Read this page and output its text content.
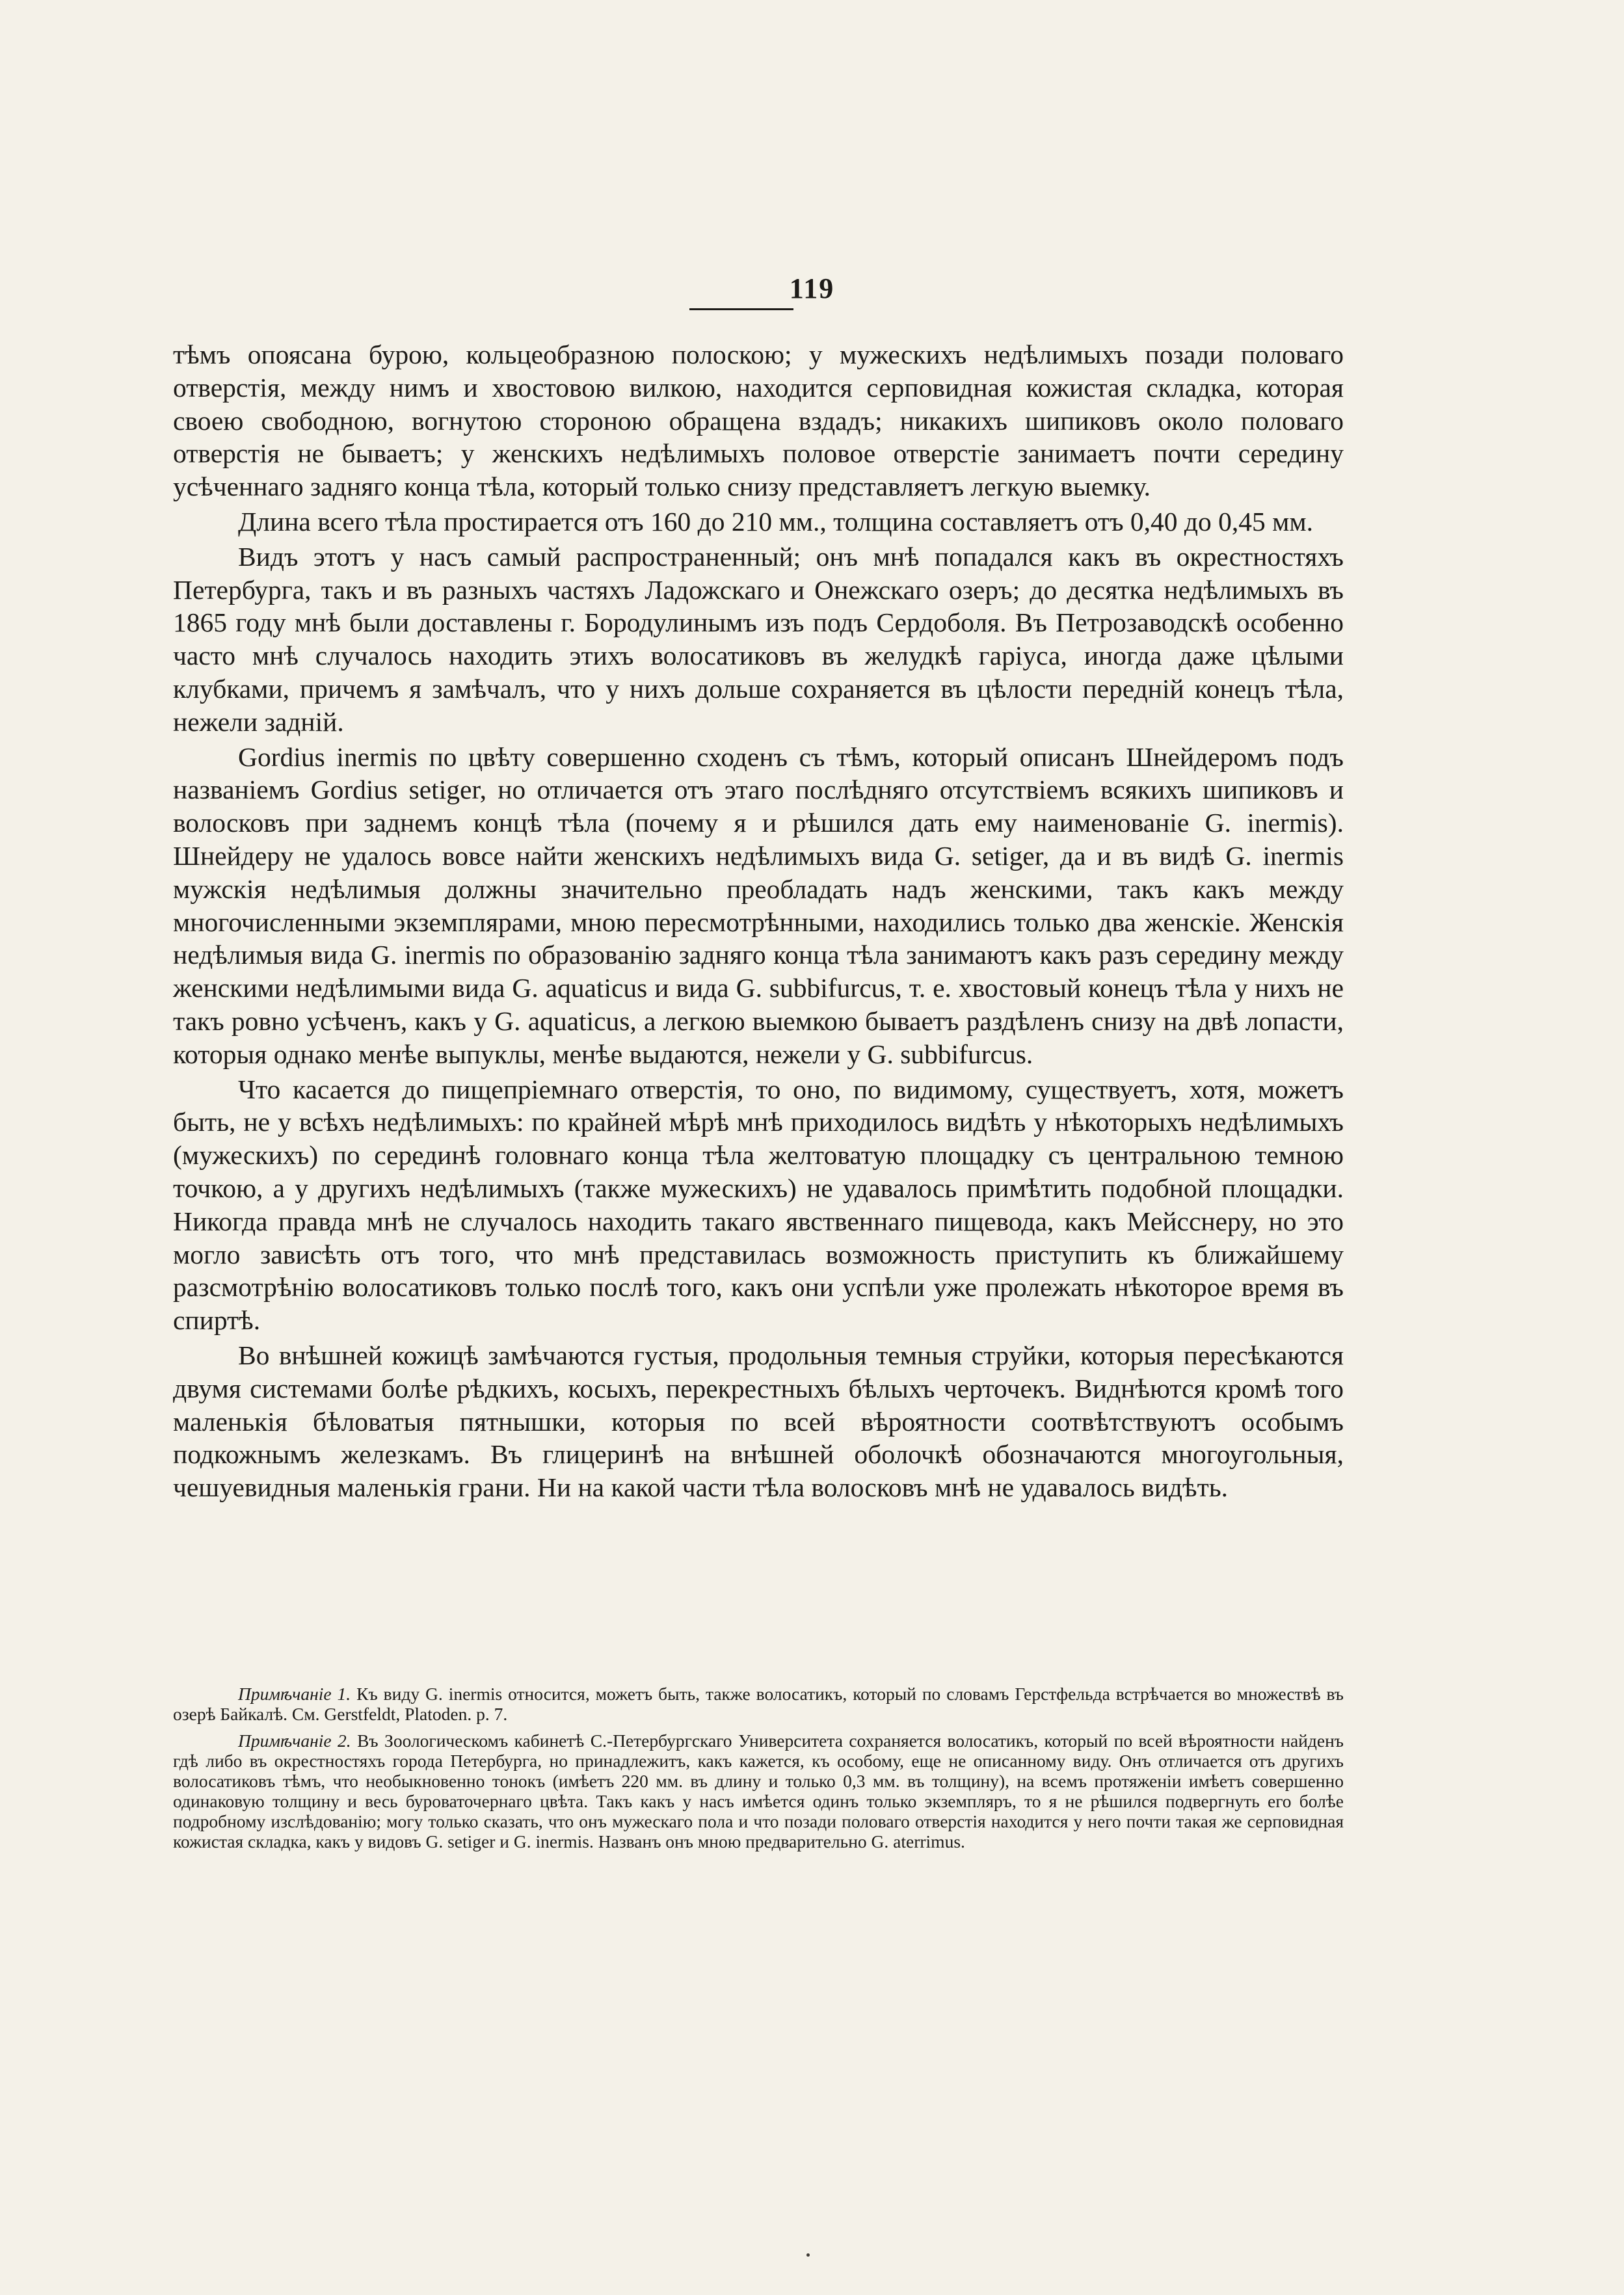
119

тѣмъ опоясана бурою, кольцеобразною полоскою; у мужескихъ недѣлимыхъ позади половаго отверстія, между нимъ и хвостовою вилкою, находится серповидная кожистая складка, которая своею свободною, вогнутою стороною обращена вздадъ; никакихъ шипиковъ около половаго отверстія не бываетъ; у женскихъ недѣлимыхъ половое отверстіе занимаетъ почти середину усѣченнаго задняго конца тѣла, который только снизу представляетъ легкую выемку.

Длина всего тѣла простирается отъ 160 до 210 мм., толщина составляетъ отъ 0,40 до 0,45 мм.

Видъ этотъ у насъ самый распространенный; онъ мнѣ попадался какъ въ окрестностяхъ Петербурга, такъ и въ разныхъ частяхъ Ладожскаго и Онежскаго озеръ; до десятка недѣлимыхъ въ 1865 году мнѣ были доставлены г. Бородулинымъ изъ подъ Сердоболя. Въ Петрозаводскѣ особенно часто мнѣ случалось находить этихъ волосатиковъ въ желудкѣ гаріуса, иногда даже цѣлыми клубками, причемъ я замѣчалъ, что у нихъ дольше сохраняется въ цѣлости передній конецъ тѣла, нежели задній.

Gordius inermis по цвѣту совершенно сходенъ съ тѣмъ, который описанъ Шнейдеромъ подъ названіемъ Gordius setiger, но отличается отъ этаго послѣдняго отсутствіемъ всякихъ шипиковъ и волосковъ при заднемъ концѣ тѣла (почему я и рѣшился дать ему наименованіе G. inermis). Шнейдеру не удалось вовсе найти женскихъ недѣлимыхъ вида G. setiger, да и въ видѣ G. inermis мужскія недѣлимыя должны значительно преобладать надъ женскими, такъ какъ между многочисленными экземплярами, мною пересмотрѣнными, находились только два женскіе. Женскія недѣлимыя вида G. inermis по образованію задняго конца тѣла занимаютъ какъ разъ середину между женскими недѣлимыми вида G. aquaticus и вида G. subbifurcus, т. е. хвостовый конецъ тѣла у нихъ не такъ ровно усѣченъ, какъ у G. aquaticus, а легкою выемкою бываетъ раздѣленъ снизу на двѣ лопасти, которыя однако менѣе выпуклы, менѣе выдаются, нежели у G. subbifurcus.

Что касается до пищепріемнаго отверстія, то оно, по видимому, существуетъ, хотя, можетъ быть, не у всѣхъ недѣлимыхъ: по крайней мѣрѣ мнѣ приходилось видѣть у нѣкоторыхъ недѣлимыхъ (мужескихъ) по серединѣ головнаго конца тѣла желтоватую площадку съ центральною темною точкою, а у другихъ недѣлимыхъ (также мужескихъ) не удавалось примѣтить подобной площадки. Никогда правда мнѣ не случалось находить такаго явственнаго пищевода, какъ Мейсснеру, но это могло зависѣть отъ того, что мнѣ представилась возможность приступить къ ближайшему разсмотрѣнію волосатиковъ только послѣ того, какъ они успѣли уже пролежать нѣкоторое время въ спиртѣ.

Во внѣшней кожицѣ замѣчаются густыя, продольныя темныя струйки, которыя пересѣкаются двумя системами болѣе рѣдкихъ, косыхъ, перекрестныхъ бѣлыхъ черточекъ. Виднѣются кромѣ того маленькія бѣловатыя пятнышки, которыя по всей вѣроятности соотвѣтствуютъ особымъ подкожнымъ железкамъ. Въ глицеринѣ на внѣшней оболочкѣ обозначаются многоугольныя, чешуевидныя маленькія грани. Ни на какой части тѣла волосковъ мнѣ не удавалось видѣть.

Примѣчаніе 1. Къ виду G. inermis относится, можетъ быть, также волосатикъ, который по словамъ Герстфельда встрѣчается во множествѣ въ озерѣ Байкалѣ. См. Gerstfeldt, Platoden. p. 7.

Примѣчаніе 2. Въ Зоологическомъ кабинетѣ С.-Петербургскаго Университета сохраняется волосатикъ, который по всей вѣроятности найденъ гдѣ либо въ окрестностяхъ города Петербурга, но принадлежитъ, какъ кажется, къ особому, еще не описанному виду. Онъ отличается отъ другихъ волосатиковъ тѣмъ, что необыкновенно тонокъ (имѣетъ 220 мм. въ длину и только 0,3 мм. въ толщину), на всемъ протяженіи имѣетъ совершенно одинаковую толщину и весь буроваточернаго цвѣта. Такъ какъ у насъ имѣется одинъ только экземпляръ, то я не рѣшился подвергнуть его болѣе подробному изслѣдованію; могу только сказать, что онъ мужескаго пола и что позади половаго отверстія находится у него почти такая же серповидная кожистая складка, какъ у видовъ G. setiger и G. inermis. Названъ онъ мною предварительно G. aterrimus.
